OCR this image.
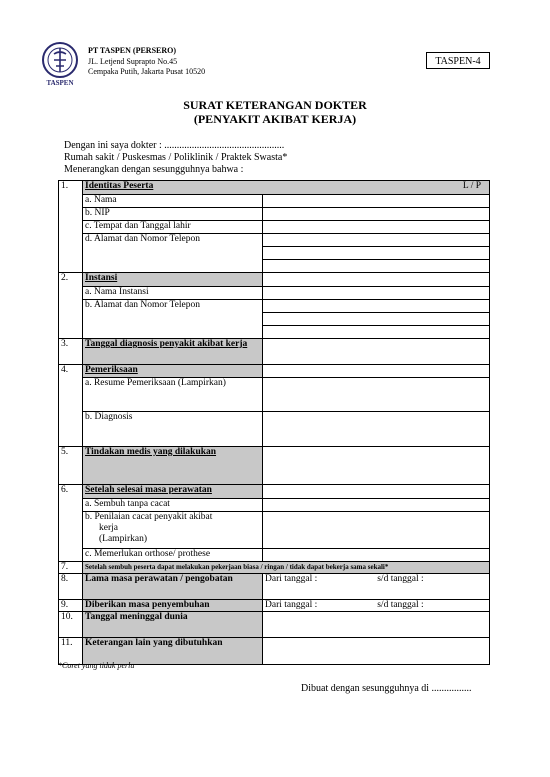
TASPEN
PT TASPEN (PERSERO)
JL. Letjend Suprapto No.45
Cempaka Putih, Jakarta Pusat 10520
TASPEN-4
SURAT KETERANGAN DOKTER
(PENYAKIT AKIBAT KERJA)
Dengan ini saya dokter : ................................................
Rumah sakit / Puskesmas / Poliklinik / Praktek Swasta*
Menerangkan dengan sesungguhnya bahwa :
1.	Identitas Peserta L / P	

	a. Nama	
	b. NIP	
	c. Tempat dan Tanggal lahir	
	d. Alamat dan Nomor Telepon	

2.	Instansi	
	a. Nama Instansi	
	b. Alamat dan Nomor Telepon	

3.	Tanggal diagnosis penyakit akibat kerja	
4.	Pemeriksaan	
	a. Resume Pemeriksaan (Lampirkan)	
	b. Diagnosis	
5.	Tindakan medis yang dilakukan	
6.	Setelah selesai masa perawatan	
	a. Sembuh tanpa cacat	

	b. Penilaian cacat penyakit akibat
kerja
(Lampirkan)	

	c. Memerlukan orthose/ prothese	
7.	Setelah sembuh peserta dapat melakukan pekerjaan biasa / ringan / tidak dapat bekerja sama sekali*	
8.	Lama masa perawatan / pengobatan	Dari tanggal : s/d tanggal :

9.	Diberikan masa penyembuhan	Dari tanggal : s/d tanggal :

10.	Tanggal meninggal dunia	
11.	Keterangan lain yang dibutuhkan	
*Coret yang tidak perlu
Dibuat dengan sesungguhnya di ................
